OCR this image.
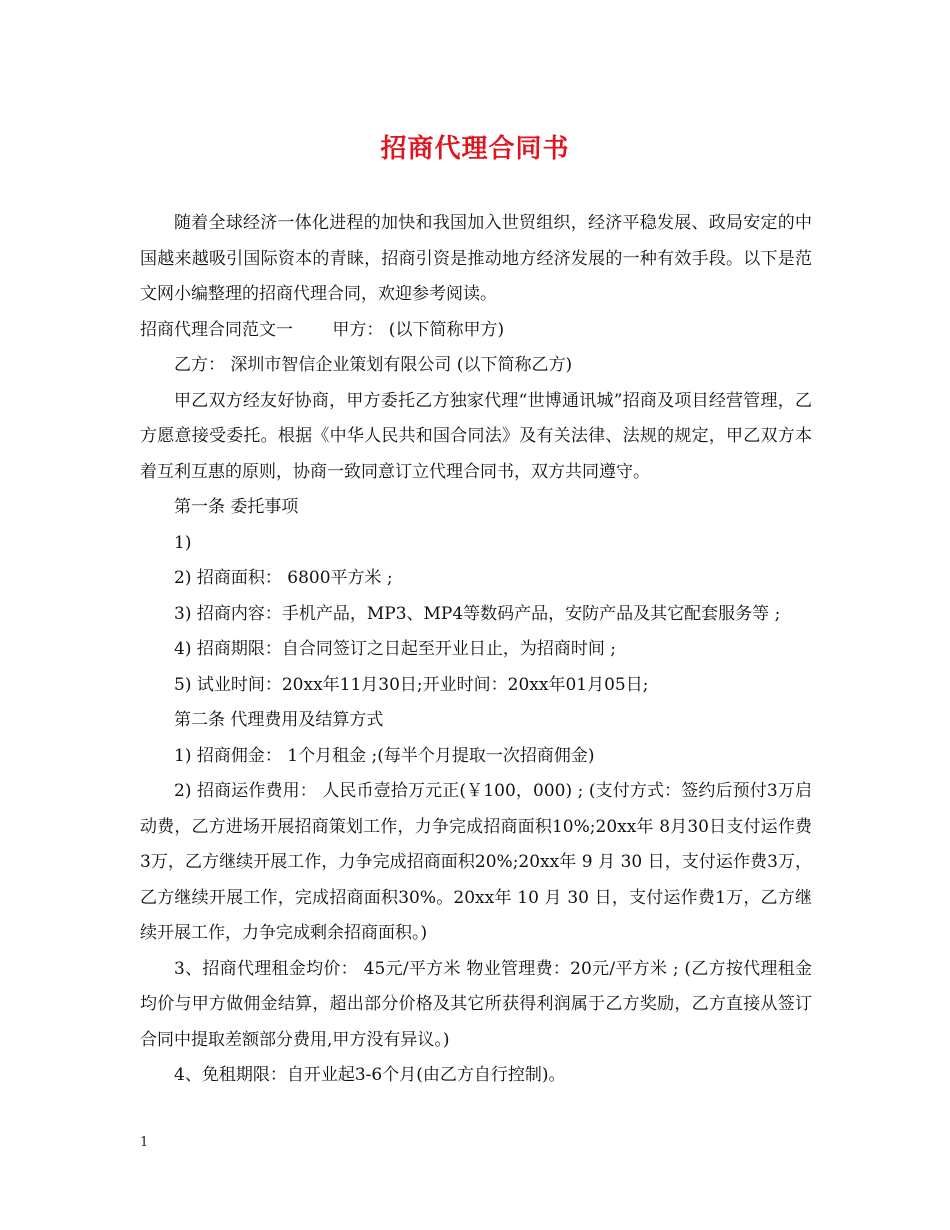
招商代理合同书

随着全球经济一体化进程的加快和我国加入世贸组织，经济平稳发展、政局安定的中国越来越吸引国际资本的青睐，招商引资是推动地方经济发展的一种有效手段。以下是范文网小编整理的招商代理合同，欢迎参考阅读。

招商代理合同范文一　　 甲方： (以下简称甲方)

乙方： 深圳市智信企业策划有限公司 (以下简称乙方)

甲乙双方经友好协商，甲方委托乙方独家代理“世博通讯城”招商及项目经营管理，乙方愿意接受委托。根据《中华人民共和国合同法》及有关法律、法规的规定，甲乙双方本着互利互惠的原则，协商一致同意订立代理合同书，双方共同遵守。

第一条 委托事项

1)

2) 招商面积： 6800平方米 ;

3) 招商内容：手机产品，MP3、MP4等数码产品，安防产品及其它配套服务等 ;

4) 招商期限：自合同签订之日起至开业日止，为招商时间 ;

5) 试业时间：20xx年11月30日;开业时间：20xx年01月05日;

第二条 代理费用及结算方式

1) 招商佣金： 1个月租金 ;(每半个月提取一次招商佣金)

2) 招商运作费用： 人民币壹拾万元正(￥100，000) ; (支付方式：签约后预付3万启动费，乙方进场开展招商策划工作，力争完成招商面积10%;20xx年 8月30日支付运作费3万，乙方继续开展工作，力争完成招商面积20%;20xx年 9 月 30 日，支付运作费3万，乙方继续开展工作，完成招商面积30%。20xx年 10 月 30 日，支付运作费1万，乙方继续开展工作，力争完成剩余招商面积。)

3、招商代理租金均价： 45元/平方米 物业管理费：20元/平方米 ; (乙方按代理租金均价与甲方做佣金结算，超出部分价格及其它所获得利润属于乙方奖励，乙方直接从签订合同中提取差额部分费用,甲方没有异议。)

4、免租期限：自开业起3-6个月(由乙方自行控制)。

1
